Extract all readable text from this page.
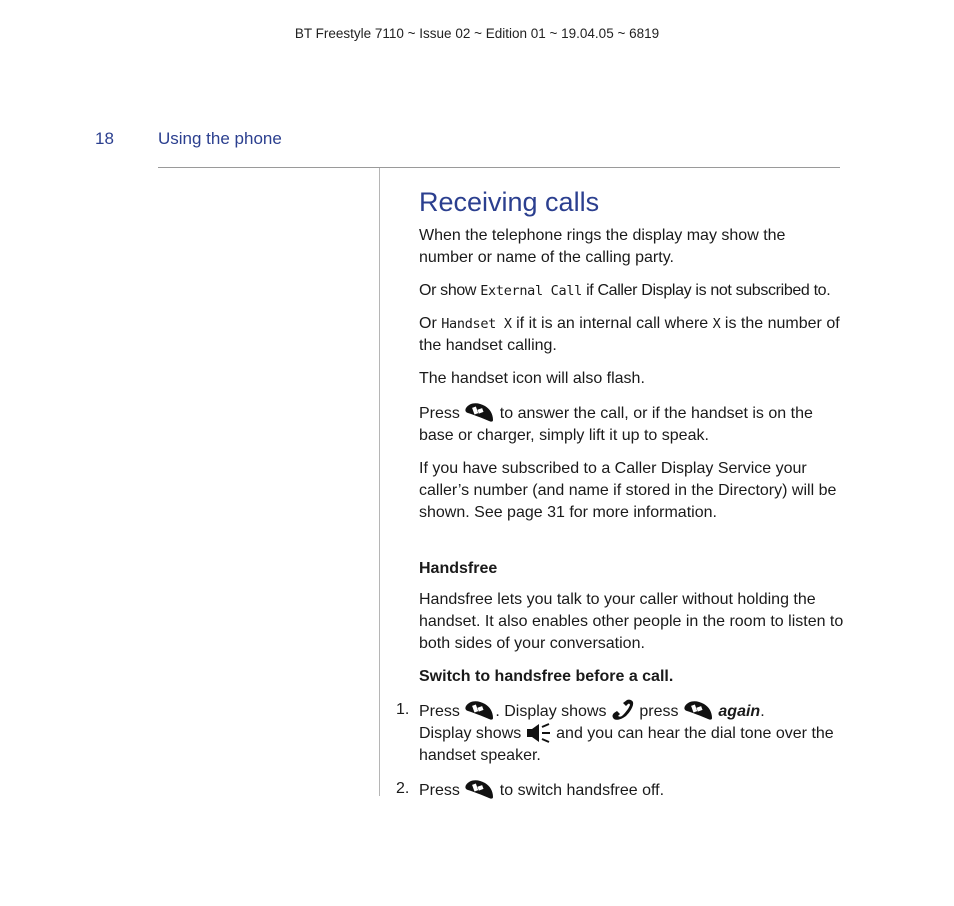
BT Freestyle 7110 ~ Issue 02 ~ Edition 01 ~ 19.04.05 ~ 6819
18	Using the phone
Receiving calls

When the telephone rings the display may show the number or name of the calling party.

Or show External Call if Caller Display is not subscribed to.

Or Handset X if it is an internal call where X is the number of the handset calling.

The handset icon will also flash.

Press
to answer the call, or if the handset is on the base or charger, simply lift it up to speak.

If you have subscribed to a Caller Display Service your caller’s number (and name if stored in the Directory) will be shown. See page 31 for more information.

Handsfree

Handsfree lets you talk to your caller without holding the handset. It also enables other people in the room to listen to both sides of your conversation.

Switch to handsfree before a call.

1. Press
. Display shows
press
again.
Display shows
and you can hear the dial tone over the handset speaker.
2. Press
to switch handsfree off.
